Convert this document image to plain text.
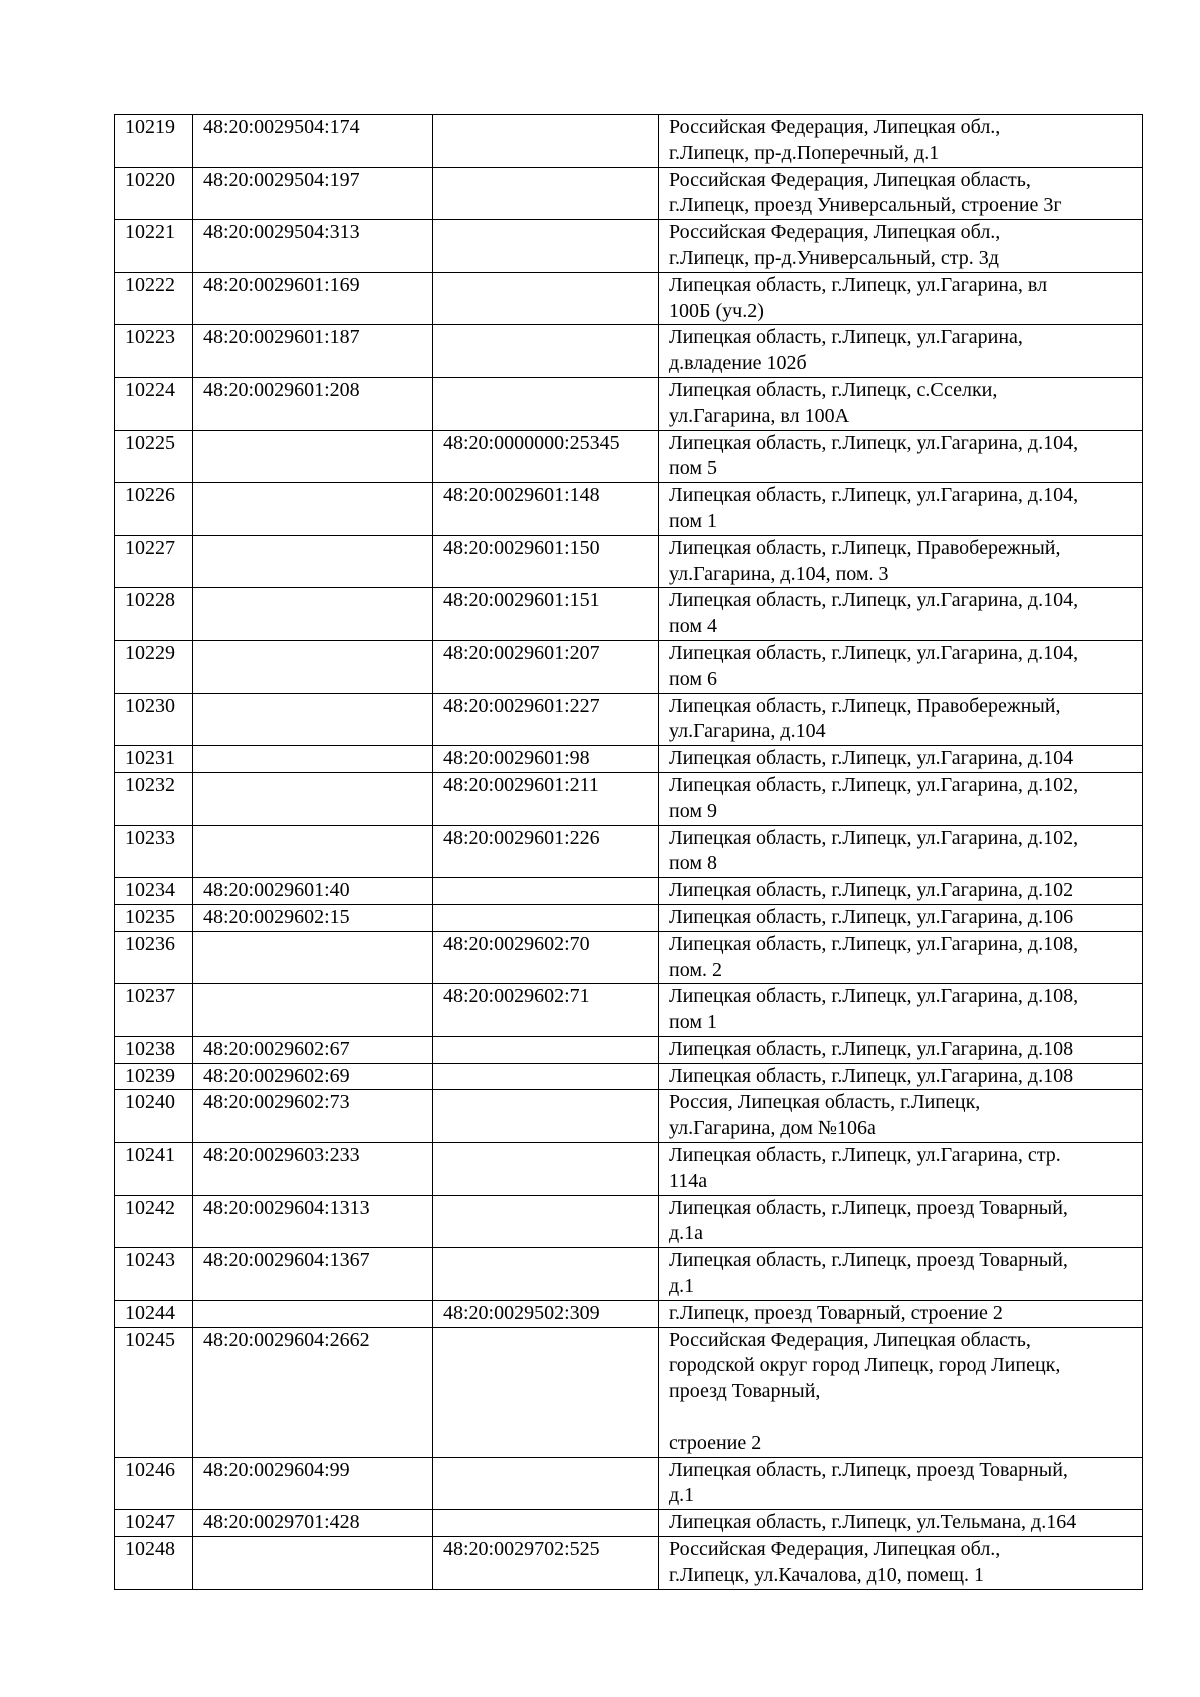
10219	48:20:0029504:174		Российская Федерация, Липецкая обл.,
г.Липецк, пр-д.Поперечный, д.1
10220	48:20:0029504:197		Российская Федерация, Липецкая область,
г.Липецк, проезд Универсальный, строение 3г
10221	48:20:0029504:313		Российская Федерация, Липецкая обл.,
г.Липецк, пр-д.Универсальный, стр. 3д
10222	48:20:0029601:169		Липецкая область, г.Липецк, ул.Гагарина, вл
100Б (уч.2)
10223	48:20:0029601:187		Липецкая область, г.Липецк, ул.Гагарина,
д.владение 102б
10224	48:20:0029601:208		Липецкая область, г.Липецк, с.Сселки,
ул.Гагарина, вл 100А
10225		48:20:0000000:25345	Липецкая область, г.Липецк, ул.Гагарина, д.104,
пом 5
10226		48:20:0029601:148	Липецкая область, г.Липецк, ул.Гагарина, д.104,
пом 1
10227		48:20:0029601:150	Липецкая область, г.Липецк, Правобережный,
ул.Гагарина, д.104, пом. 3
10228		48:20:0029601:151	Липецкая область, г.Липецк, ул.Гагарина, д.104,
пом 4
10229		48:20:0029601:207	Липецкая область, г.Липецк, ул.Гагарина, д.104,
пом 6
10230		48:20:0029601:227	Липецкая область, г.Липецк, Правобережный,
ул.Гагарина, д.104
10231		48:20:0029601:98	Липецкая область, г.Липецк, ул.Гагарина, д.104
10232		48:20:0029601:211	Липецкая область, г.Липецк, ул.Гагарина, д.102,
пом 9
10233		48:20:0029601:226	Липецкая область, г.Липецк, ул.Гагарина, д.102,
пом 8
10234	48:20:0029601:40		Липецкая область, г.Липецк, ул.Гагарина, д.102
10235	48:20:0029602:15		Липецкая область, г.Липецк, ул.Гагарина, д.106
10236		48:20:0029602:70	Липецкая область, г.Липецк, ул.Гагарина, д.108,
пом. 2
10237		48:20:0029602:71	Липецкая область, г.Липецк, ул.Гагарина, д.108,
пом 1
10238	48:20:0029602:67		Липецкая область, г.Липецк, ул.Гагарина, д.108
10239	48:20:0029602:69		Липецкая область, г.Липецк, ул.Гагарина, д.108
10240	48:20:0029602:73		Россия, Липецкая область, г.Липецк,
ул.Гагарина, дом №106а
10241	48:20:0029603:233		Липецкая область, г.Липецк, ул.Гагарина, стр.
114а
10242	48:20:0029604:1313		Липецкая область, г.Липецк, проезд Товарный,
д.1а
10243	48:20:0029604:1367		Липецкая область, г.Липецк, проезд Товарный,
д.1
10244		48:20:0029502:309	г.Липецк, проезд Товарный, строение 2
10245	48:20:0029604:2662		Российская Федерация, Липецкая область,
городской округ город Липецк, город Липецк,
проезд Товарный,

строение 2
10246	48:20:0029604:99		Липецкая область, г.Липецк, проезд Товарный,
д.1
10247	48:20:0029701:428		Липецкая область, г.Липецк, ул.Тельмана, д.164
10248		48:20:0029702:525	Российская Федерация, Липецкая обл.,
г.Липецк, ул.Качалова, д10, помещ. 1
